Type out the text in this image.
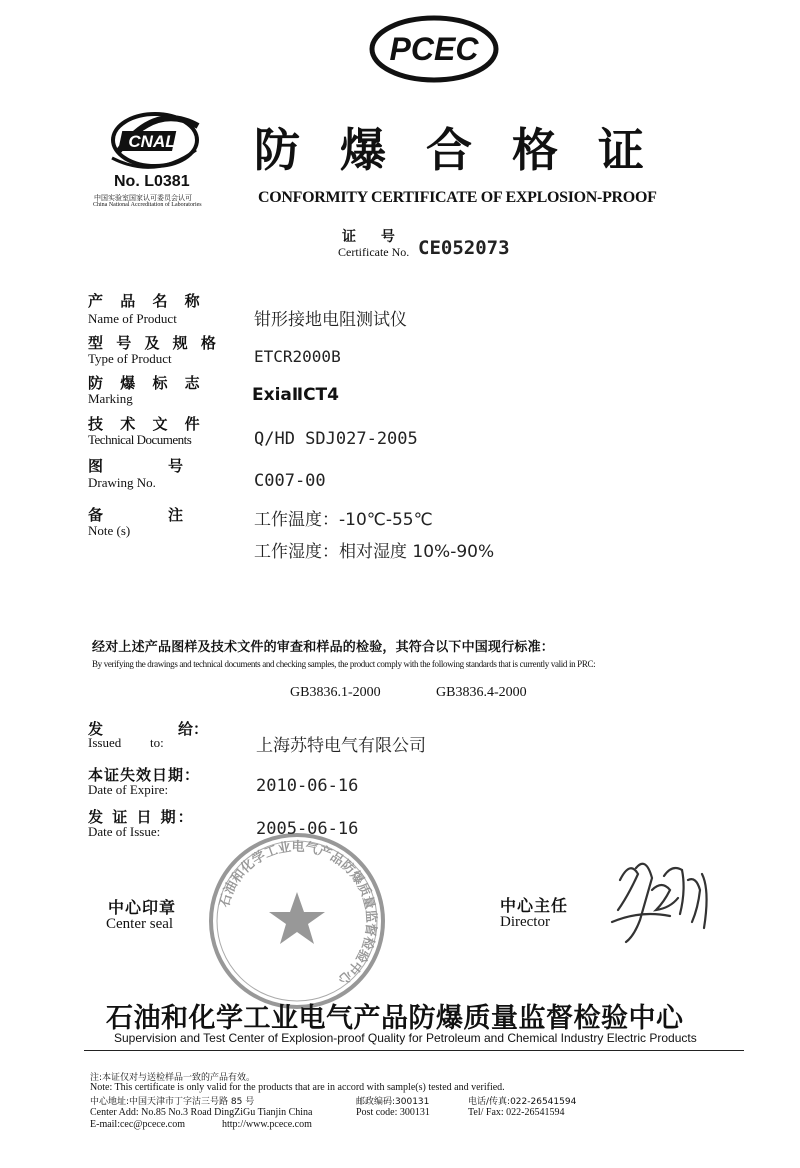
PCEC
CNAL
No. L0381
中国实验室国家认可委员会认可
China National Accreditation of Laboratories
防 爆 合 格 证
CONFORMITY CERTIFICATE OF EXPLOSION-PROOF
证 号
Certificate No. CE052073
产 品 名 称
Name of Product	钳形接地电阻测试仪
型 号 及 规 格
Type of Product	ETCR2000B
防 爆 标 志
Marking	ExiaⅡCT4
技 术 文 件
Technical Documents	Q/HD SDJ027-2005
图	号
Drawing No.	C007-00
备	注
Note (s)
工作温度：-10℃-55℃
工作湿度：相对湿度 10%-90%
经对上述产品图样及技术文件的审查和样品的检验，其符合以下中国现行标准：
By verifying the drawings and technical documents and checking samples, the product comply with the following standards that is currently valid in PRC:
GB3836.1-2000	GB3836.4-2000
发	给：
Issued to:	上海苏特电气有限公司
本证失效日期：
Date of Expire:	2010-06-16
发 证 日 期：
Date of Issue:	2005-06-16
石油和化学工业电气产品防爆质量监督检验中心
中心印章
Center seal
中心主任
Director
石油和化学工业电气产品防爆质量监督检验中心
Supervision and Test Center of Explosion-proof Quality for Petroleum and Chemical Industry Electric Products
注:本证仅对与送检样品一致的产品有效。
Note: This certificate is only valid for the products that are in accord with sample(s) tested and verified.
中心地址:中国天津市丁字沽三号路 85 号	邮政编码:300131	电话/传真:022-26541594
Center Add: No.85 No.3 Road DingZiGu Tianjin China	Post code: 300131	Tel/ Fax: 022-26541594
E-mail:cec@pcece.com	http://www.pcece.com
